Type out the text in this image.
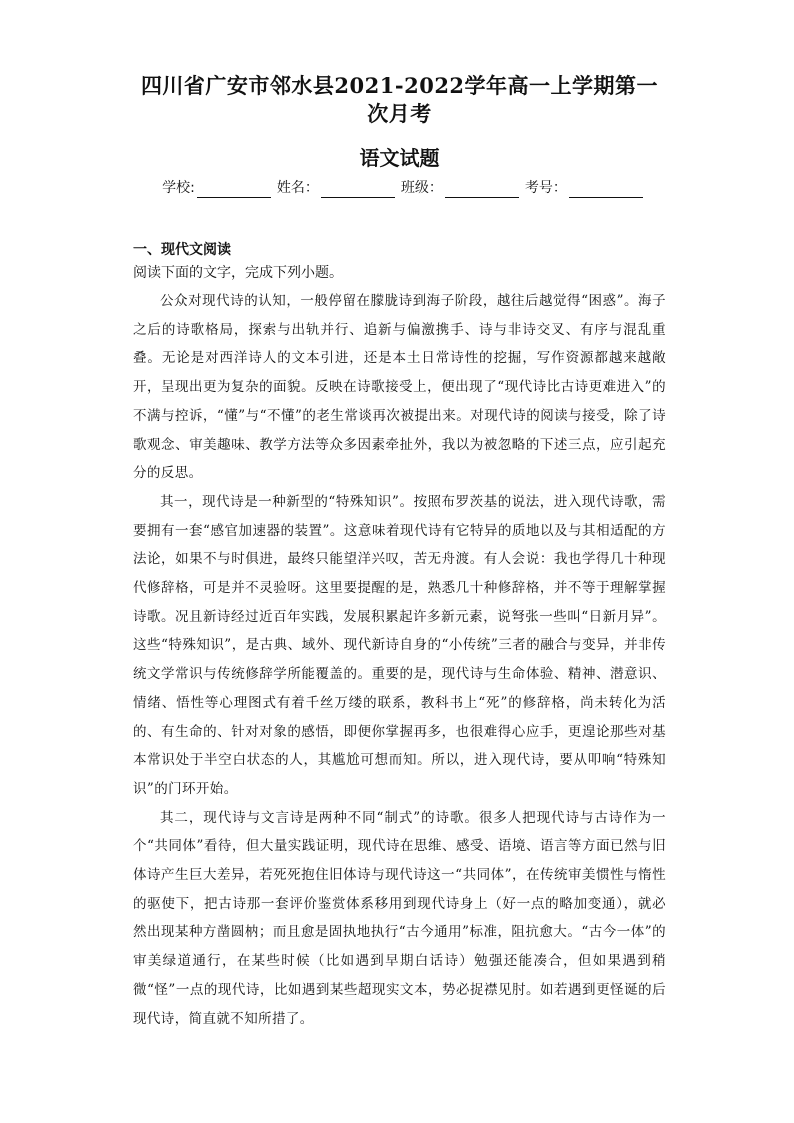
四川省广安市邻水县2021-2022学年高一上学期第一次月考
语文试题
学校:	姓名：	班级：	考号：
一、现代文阅读

阅读下面的文字，完成下列小题。

公众对现代诗的认知，一般停留在朦胧诗到海子阶段，越往后越觉得“困惑”。海子之后的诗歌格局，探索与出轨并行、追新与偏激携手、诗与非诗交叉、有序与混乱重叠。无论是对西洋诗人的文本引进，还是本土日常诗性的挖掘，写作资源都越来越敞开，呈现出更为复杂的面貌。反映在诗歌接受上，便出现了“现代诗比古诗更难进入”的不满与控诉，“懂”与“不懂”的老生常谈再次被提出来。对现代诗的阅读与接受，除了诗歌观念、审美趣味、教学方法等众多因素牵扯外，我以为被忽略的下述三点，应引起充分的反思。

其一，现代诗是一种新型的“特殊知识”。按照布罗茨基的说法，进入现代诗歌，需要拥有一套“感官加速器的装置”。这意味着现代诗有它特异的质地以及与其相适配的方法论，如果不与时俱进，最终只能望洋兴叹，苦无舟渡。有人会说：我也学得几十种现代修辞格，可是并不灵验呀。这里要提醒的是，熟悉几十种修辞格，并不等于理解掌握诗歌。况且新诗经过近百年实践，发展积累起许多新元素，说弩张一些叫“日新月异”。这些“特殊知识”，是古典、域外、现代新诗自身的“小传统”三者的融合与变异，并非传统文学常识与传统修辞学所能覆盖的。重要的是，现代诗与生命体验、精神、潜意识、情绪、悟性等心理图式有着千丝万缕的联系，教科书上“死”的修辞格，尚未转化为活的、有生命的、针对对象的感悟，即便你掌握再多，也很难得心应手，更遑论那些对基本常识处于半空白状态的人，其尴尬可想而知。所以，进入现代诗，要从叩响“特殊知识”的门环开始。

其二，现代诗与文言诗是两种不同“制式”的诗歌。很多人把现代诗与古诗作为一个“共同体”看待，但大量实践证明，现代诗在思维、感受、语境、语言等方面已然与旧体诗产生巨大差异，若死死抱住旧体诗与现代诗这一“共同体”，在传统审美惯性与惰性的驱使下，把古诗那一套评价鉴赏体系移用到现代诗身上（好一点的略加变通），就必然出现某种方凿圆枘；而且愈是固执地执行“古今通用”标准，阻抗愈大。“古今一体”的审美绿道通行，在某些时候（比如遇到早期白话诗）勉强还能凑合，但如果遇到稍微“怪”一点的现代诗，比如遇到某些超现实文本，势必捉襟见肘。如若遇到更怪诞的后现代诗，简直就不知所措了。
